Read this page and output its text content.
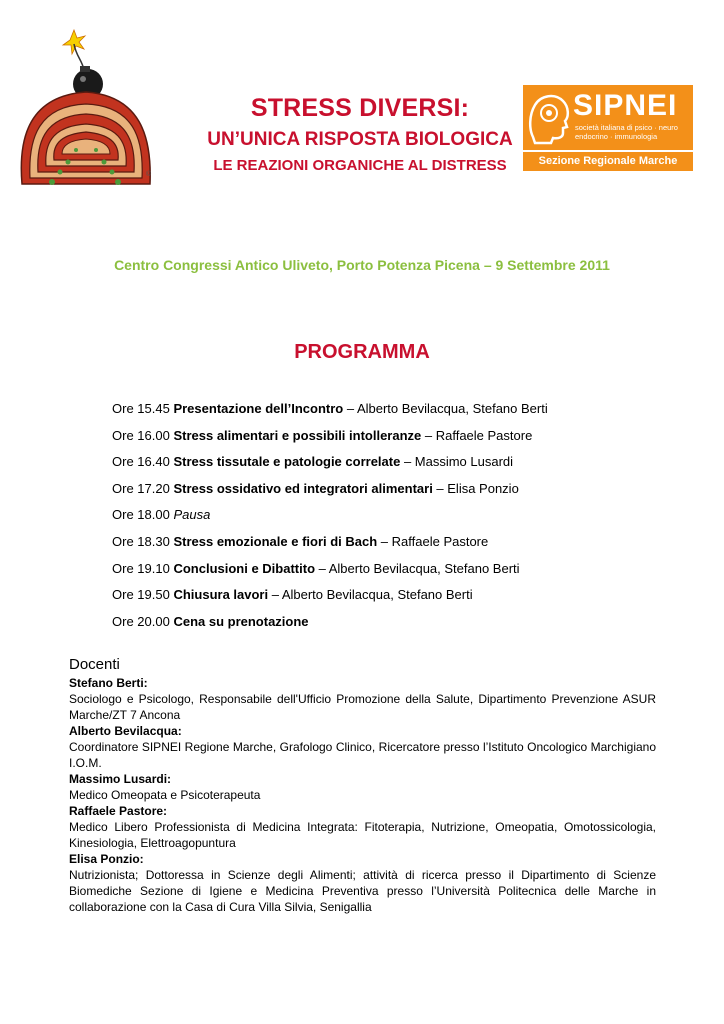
©
STRESS DIVERSI:
UN’UNICA RISPOSTA BIOLOGICA
LE REAZIONI ORGANICHE AL DISTRESS
SIPNEI
società italiana di psico · neuro
endocrino · immunologia
Sezione Regionale Marche
Centro Congressi Antico Uliveto, Porto Potenza Picena – 9 Settembre 2011
PROGRAMMA
Ore 15.45 Presentazione dell’Incontro – Alberto Bevilacqua, Stefano Berti
Ore 16.00 Stress alimentari e possibili intolleranze – Raffaele Pastore
Ore 16.40 Stress tissutale e patologie correlate – Massimo Lusardi
Ore 17.20 Stress ossidativo ed integratori alimentari – Elisa Ponzio
Ore 18.00 Pausa
Ore 18.30 Stress emozionale e fiori di Bach – Raffaele Pastore
Ore 19.10 Conclusioni e Dibattito – Alberto Bevilacqua, Stefano Berti
Ore 19.50 Chiusura lavori – Alberto Bevilacqua, Stefano Berti
Ore 20.00 Cena su prenotazione
Docenti
Stefano Berti:
Sociologo e Psicologo, Responsabile dell'Ufficio Promozione della Salute, Dipartimento Prevenzione ASUR Marche/ZT 7 Ancona
Alberto Bevilacqua:
Coordinatore SIPNEI Regione Marche, Grafologo Clinico, Ricercatore presso l’Istituto Oncologico Marchigiano I.O.M.
Massimo Lusardi:
Medico Omeopata e Psicoterapeuta
Raffaele Pastore:
Medico Libero Professionista di Medicina Integrata: Fitoterapia, Nutrizione, Omeopatia, Omotossicologia, Kinesiologia, Elettroagopuntura
Elisa Ponzio:
Nutrizionista; Dottoressa in Scienze degli Alimenti; attività di ricerca presso il Dipartimento di Scienze Biomediche Sezione di Igiene e Medicina Preventiva presso l’Università Politecnica delle Marche in collaborazione con la Casa di Cura Villa Silvia, Senigallia
